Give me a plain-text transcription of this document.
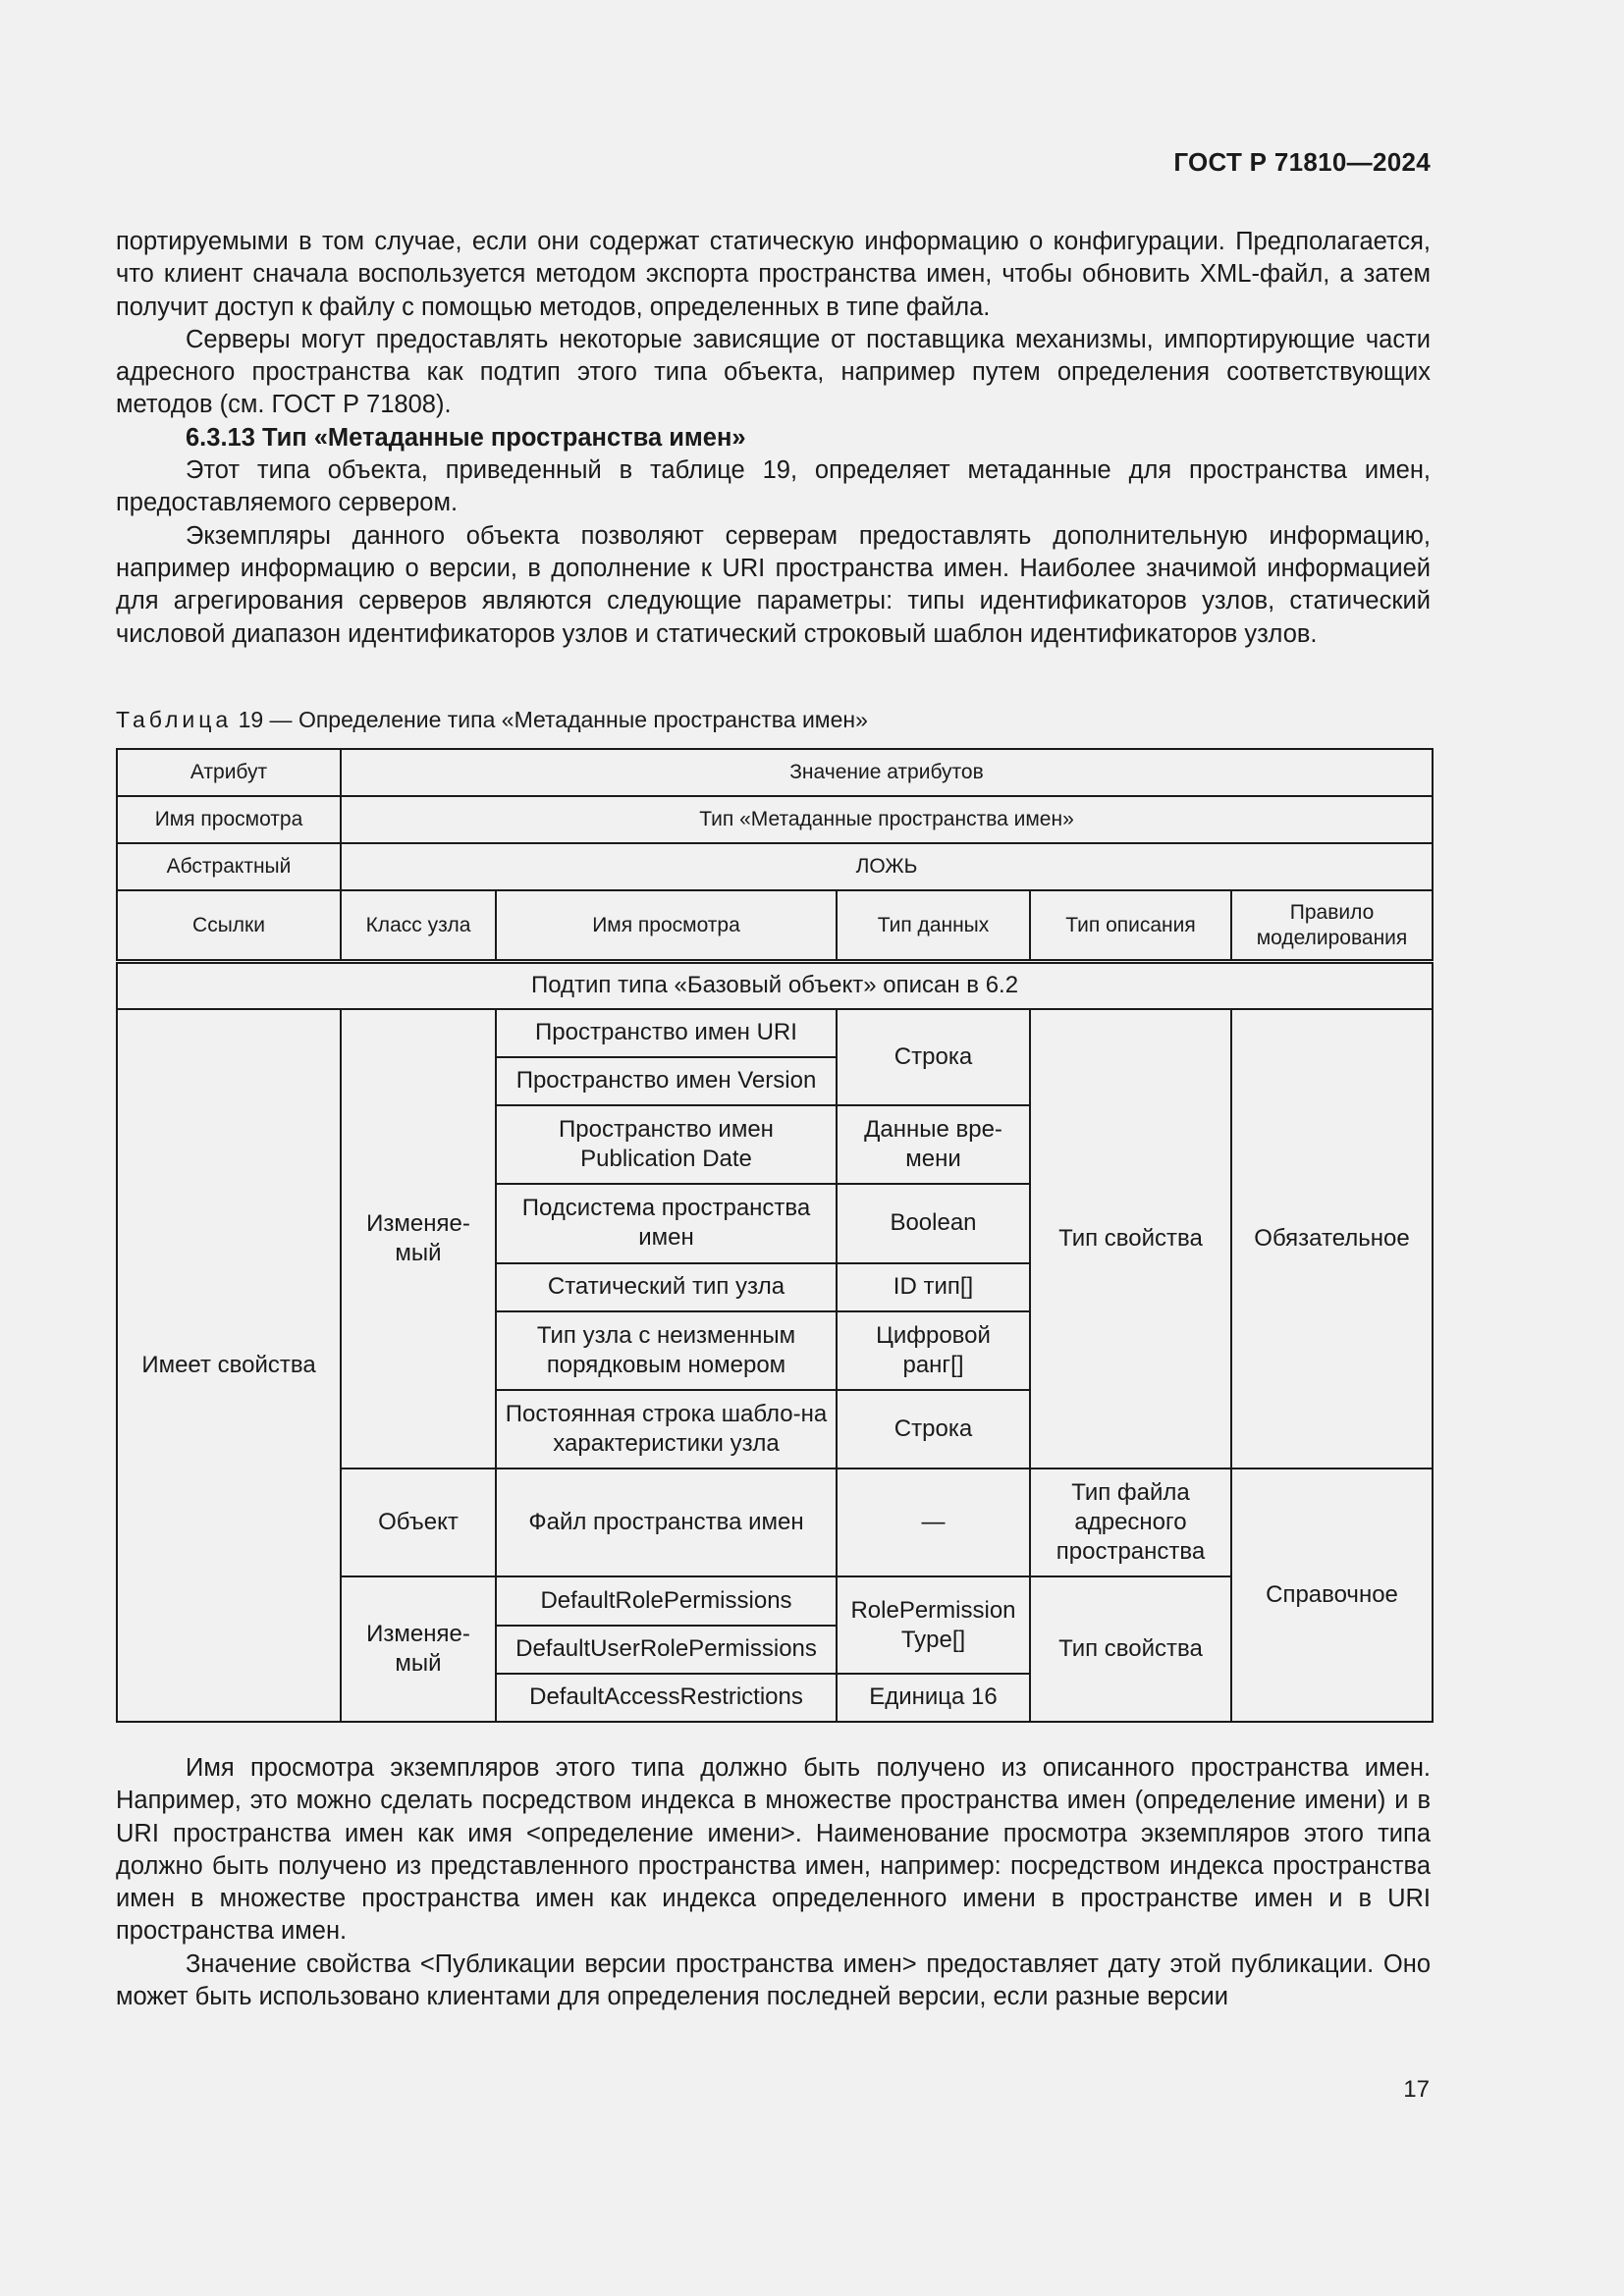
ГОСТ Р 71810—2024

портируемыми в том случае, если они содержат статическую информацию о конфигурации. Предполагается, что клиент сначала воспользуется методом экспорта пространства имен, чтобы обновить XML-файл, а затем получит доступ к файлу с помощью методов, определенных в типе файла.

Серверы могут предоставлять некоторые зависящие от поставщика механизмы, импортирующие части адресного пространства как подтип этого типа объекта, например путем определения соответствующих методов (см. ГОСТ Р 71808).

6.3.13 Тип «Метаданные пространства имен»

Этот типа объекта, приведенный в таблице 19, определяет метаданные для пространства имен, предоставляемого сервером.

Экземпляры данного объекта позволяют серверам предоставлять дополнительную информацию, например информацию о версии, в дополнение к URI пространства имен. Наиболее значимой информацией для агрегирования серверов являются следующие параметры: типы идентификаторов узлов, статический числовой диапазон идентификаторов узлов и статический строковый шаблон идентификаторов узлов.

Таблица 19 — Определение типа «Метаданные пространства имен»
Атрибут	Значение атрибутов				
Имя просмотра	Тип «Метаданные пространства имен»				
Абстрактный	ЛОЖЬ				
Ссылки	Класс узла	Имя просмотра	Тип данных	Тип описания	Правило моделирования
Подтип типа «Базовый объект» описан в 6.2					
Имеет свойства	Изменяе-мый	Пространство имен URI	Строка	Тип свойства	Обязательное
		Пространство имен Version			
		Пространство имен Publication Date	Данные вре-мени		
		Подсистема пространства имен	Boolean		
		Статический тип узла	ID тип[]		
		Тип узла с неизменным порядковым номером	Цифровой ранг[]		
		Постоянная строка шабло-на характеристики узла	Строка		
	Объект	Файл пространства имен	—	Тип файла адресного пространства	Справочное
	Изменяе-мый	DefaultRolePermissions	RolePermission Type[]	Тип свойства	
		DefaultUserRolePermissions			
		DefaultAccessRestrictions	Единица 16		

Имя просмотра экземпляров этого типа должно быть получено из описанного пространства имен. Например, это можно сделать посредством индекса в множестве пространства имен (определение имени) и в URI пространства имен как имя <определение имени>. Наименование просмотра экземпляров этого типа должно быть получено из представленного пространства имен, например: посредством индекса пространства имен в множестве пространства имен как индекса определенного имени в пространстве имен и в URI пространства имен.

Значение свойства <Публикации версии пространства имен> предоставляет дату этой публикации. Оно может быть использовано клиентами для определения последней версии, если разные версии

17
